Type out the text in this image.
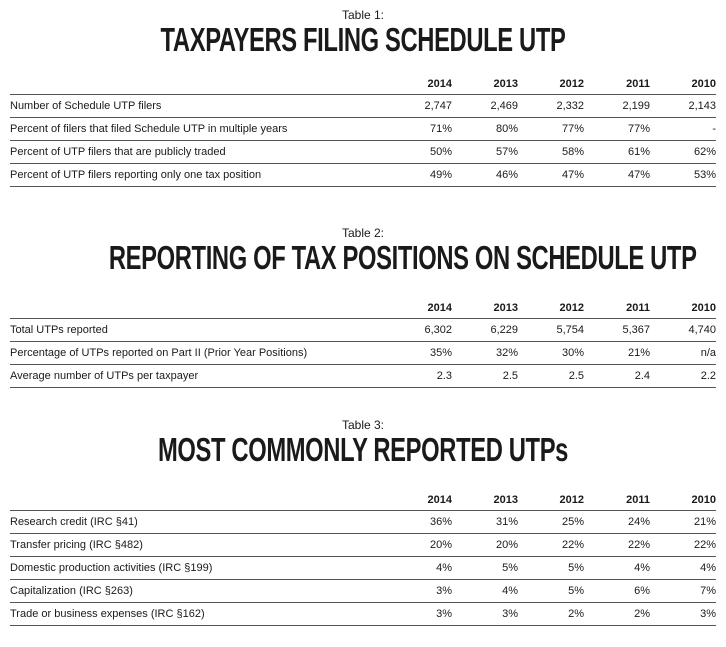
Table 1:
TAXPAYERS FILING SCHEDULE UTP
	2014	2013	2012	2011	2010
Number of Schedule UTP filers	2,747	2,469	2,332	2,199	2,143
Percent of filers that filed Schedule UTP in multiple years	71%	80%	77%	77%	-
Percent of UTP filers that are publicly traded	50%	57%	58%	61%	62%
Percent of UTP filers reporting only one tax position	49%	46%	47%	47%	53%
Table 2:
REPORTING OF TAX POSITIONS ON SCHEDULE UTP
	2014	2013	2012	2011	2010
Total UTPs reported	6,302	6,229	5,754	5,367	4,740
Percentage of UTPs reported on Part II (Prior Year Positions)	35%	32%	30%	21%	n/a
Average number of UTPs per taxpayer	2.3	2.5	2.5	2.4	2.2
Table 3:
MOST COMMONLY REPORTED UTPs
	2014	2013	2012	2011	2010
Research credit (IRC §41)	36%	31%	25%	24%	21%
Transfer pricing (IRC §482)	20%	20%	22%	22%	22%
Domestic production activities (IRC §199)	4%	5%	5%	4%	4%
Capitalization (IRC §263)	3%	4%	5%	6%	7%
Trade or business expenses (IRC §162)	3%	3%	2%	2%	3%
